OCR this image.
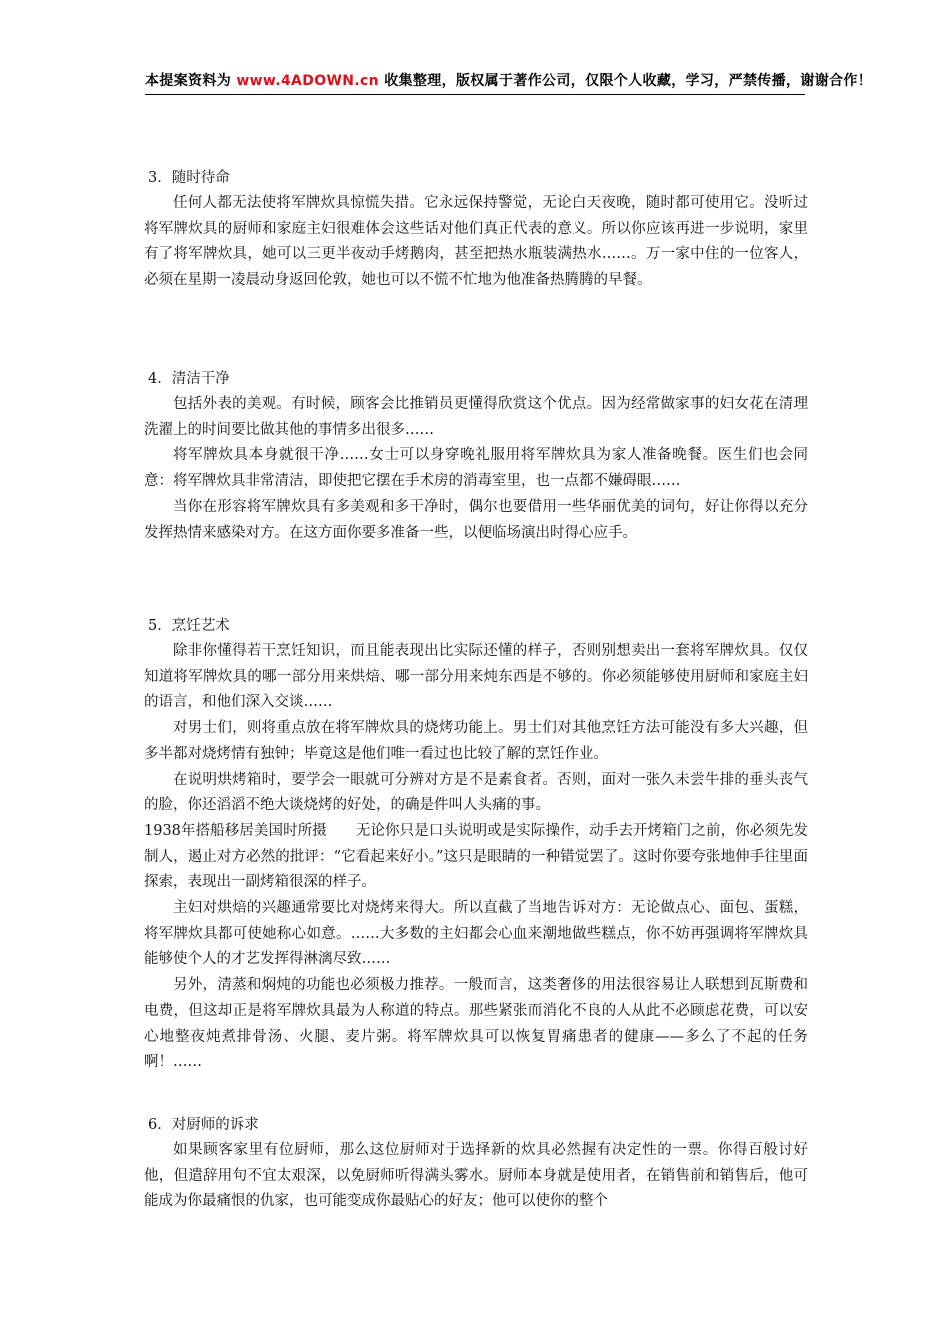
本提案资料为 www.4ADOWN.cn 收集整理，版权属于著作公司，仅限个人收藏，学习，严禁传播，谢谢合作！

3．随时待命

任何人都无法使将军牌炊具惊慌失措。它永远保持警觉，无论白天夜晚，随时都可使用它。没听过将军牌炊具的厨师和家庭主妇很难体会这些话对他们真正代表的意义。所以你应该再进一步说明，家里有了将军牌炊具，她可以三更半夜动手烤鹅肉，甚至把热水瓶装满热水……。万一家中住的一位客人，必须在星期一凌晨动身返回伦敦，她也可以不慌不忙地为他准备热腾腾的早餐。

4．清洁干净

包括外表的美观。有时候，顾客会比推销员更懂得欣赏这个优点。因为经常做家事的妇女花在清理洗濯上的时间要比做其他的事情多出很多……

将军牌炊具本身就很干净……女士可以身穿晚礼服用将军牌炊具为家人准备晚餐。医生们也会同意：将军牌炊具非常清洁，即使把它摆在手术房的消毒室里，也一点都不嫌碍眼……

当你在形容将军牌炊具有多美观和多干净时，偶尔也要借用一些华丽优美的词句，好让你得以充分发挥热情来感染对方。在这方面你要多准备一些，以便临场演出时得心应手。

5．烹饪艺术

除非你懂得若干烹饪知识，而且能表现出比实际还懂的样子，否则别想卖出一套将军牌炊具。仅仅知道将军牌炊具的哪一部分用来烘焙、哪一部分用来炖东西是不够的。你必须能够使用厨师和家庭主妇的语言，和他们深入交谈……

对男士们，则将重点放在将军牌炊具的烧烤功能上。男士们对其他烹饪方法可能没有多大兴趣，但多半都对烧烤情有独钟；毕竟这是他们唯一看过也比较了解的烹饪作业。

在说明烘烤箱时，要学会一眼就可分辨对方是不是素食者。否则，面对一张久未尝牛排的垂头丧气的脸，你还滔滔不绝大谈烧烤的好处，的确是件叫人头痛的事。

1938年搭船移居美国时所摄 无论你只是口头说明或是实际操作，动手去开烤箱门之前，你必须先发制人，遏止对方必然的批评：“它看起来好小。”这只是眼睛的一种错觉罢了。这时你要夸张地伸手往里面探索，表现出一副烤箱很深的样子。

主妇对烘焙的兴趣通常要比对烧烤来得大。所以直截了当地告诉对方：无论做点心、面包、蛋糕，将军牌炊具都可使她称心如意。……大多数的主妇都会心血来潮地做些糕点，你不妨再强调将军牌炊具能够使个人的才艺发挥得淋漓尽致……

另外，清蒸和焖炖的功能也必须极力推荐。一般而言，这类奢侈的用法很容易让人联想到瓦斯费和电费，但这却正是将军牌炊具最为人称道的特点。那些紧张而消化不良的人从此不必顾虑花费，可以安心地整夜炖煮排骨汤、火腿、麦片粥。将军牌炊具可以恢复胃痛患者的健康——多么了不起的任务啊！……

6．对厨师的诉求

如果顾客家里有位厨师，那么这位厨师对于选择新的炊具必然握有决定性的一票。你得百般讨好他，但遣辞用句不宜太艰深，以免厨师听得满头雾水。厨师本身就是使用者，在销售前和销售后，他可能成为你最痛恨的仇家，也可能变成你最贴心的好友；他可以使你的整个
